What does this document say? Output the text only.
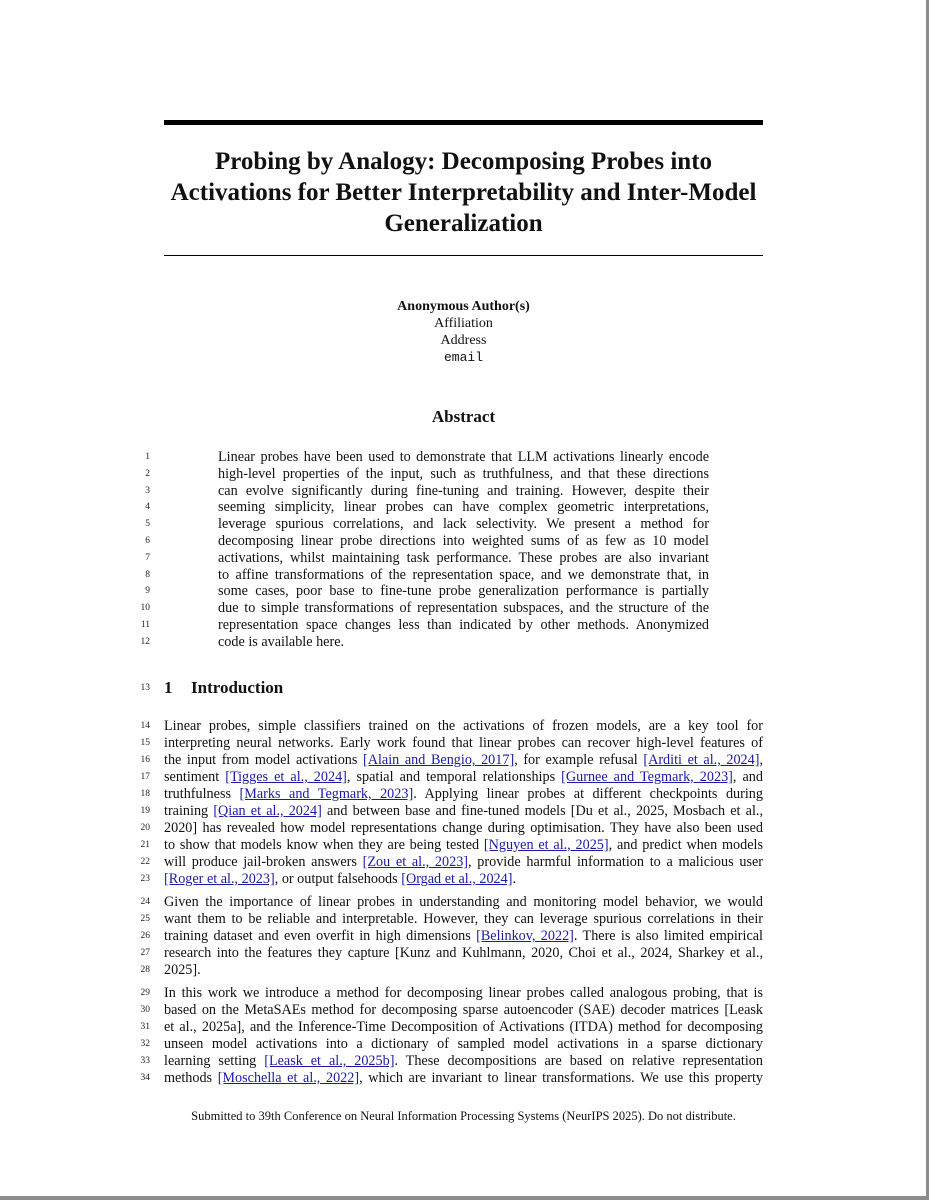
Probing by Analogy: Decomposing Probes into
Activations for Better Interpretability and Inter-Model
Generalization
Anonymous Author(s)
Affiliation
Address
email
Abstract
1	Linear probes have been used to demonstrate that LLM activations linearly encode
2	high-level properties of the input, such as truthfulness, and that these directions
3	can evolve significantly during fine-tuning and training. However, despite their
4	seeming simplicity, linear probes can have complex geometric interpretations,
5	leverage spurious correlations, and lack selectivity. We present a method for
6	decomposing linear probe directions into weighted sums of as few as 10 model
7	activations, whilst maintaining task performance. These probes are also invariant
8	to affine transformations of the representation space, and we demonstrate that, in
9	some cases, poor base to fine-tune probe generalization performance is partially
10	due to simple transformations of representation subspaces, and the structure of the
11	representation space changes less than indicated by other methods. Anonymized
12	code is available here.
13 1 Introduction
14 Linear probes, simple classifiers trained on the activations of frozen models, are a key tool for
15 interpreting neural networks. Early work found that linear probes can recover high-level features of
16 the input from model activations [Alain and Bengio, 2017], for example refusal [Arditi et al., 2024],
17 sentiment [Tigges et al., 2024], spatial and temporal relationships [Gurnee and Tegmark, 2023], and
18 truthfulness [Marks and Tegmark, 2023]. Applying linear probes at different checkpoints during
19 training [Qian et al., 2024] and between base and fine-tuned models [Du et al., 2025, Mosbach et al.,
20 2020] has revealed how model representations change during optimisation. They have also been used
21 to show that models know when they are being tested [Nguyen et al., 2025], and predict when models
22 will produce jail-broken answers [Zou et al., 2023], provide harmful information to a malicious user
23 [Roger et al., 2023], or output falsehoods [Orgad et al., 2024].
24 Given the importance of linear probes in understanding and monitoring model behavior, we would
25 want them to be reliable and interpretable. However, they can leverage spurious correlations in their
26 training dataset and even overfit in high dimensions [Belinkov, 2022]. There is also limited empirical
27 research into the features they capture [Kunz and Kuhlmann, 2020, Choi et al., 2024, Sharkey et al.,
28 2025].
29 In this work we introduce a method for decomposing linear probes called analogous probing, that is
30 based on the MetaSAEs method for decomposing sparse autoencoder (SAE) decoder matrices [Leask
31 et al., 2025a], and the Inference-Time Decomposition of Activations (ITDA) method for decomposing
32 unseen model activations into a dictionary of sampled model activations in a sparse dictionary
33 learning setting [Leask et al., 2025b]. These decompositions are based on relative representation
34 methods [Moschella et al., 2022], which are invariant to linear transformations. We use this property
Submitted to 39th Conference on Neural Information Processing Systems (NeurIPS 2025). Do not distribute.
